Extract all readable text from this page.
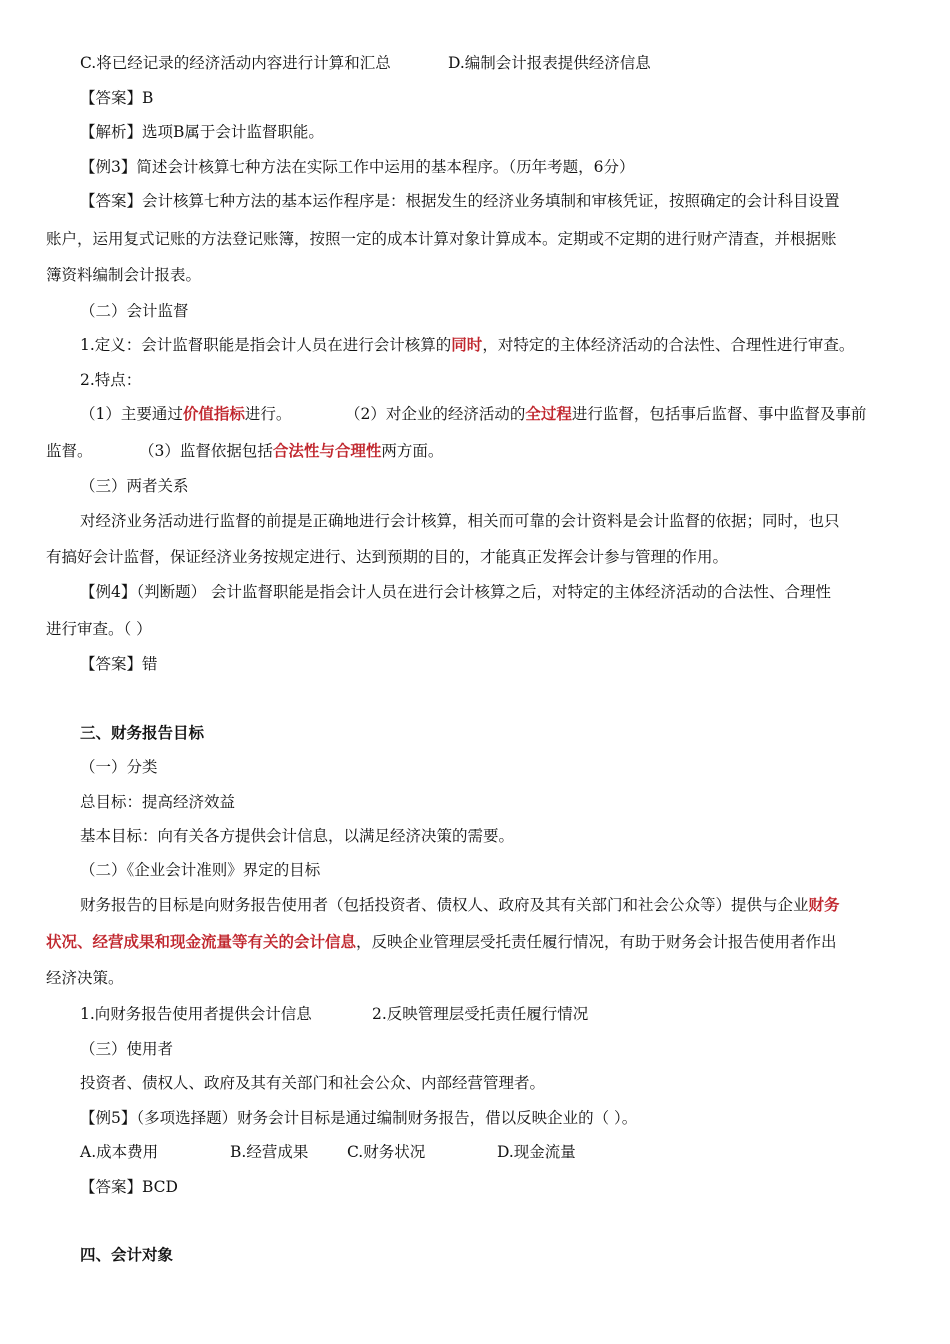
C.将已经记录的经济活动内容进行计算和汇总	D.编制会计报表提供经济信息
【答案】B
【解析】选项B属于会计监督职能。
【例3】简述会计核算七种方法在实际工作中运用的基本程序。（历年考题，6分）
【答案】会计核算七种方法的基本运作程序是：根据发生的经济业务填制和审核凭证，按照确定的会计科目设置
账户，运用复式记账的方法登记账簿，按照一定的成本计算对象计算成本。定期或不定期的进行财产清查，并根据账
簿资料编制会计报表。
（二）会计监督
1.定义：会计监督职能是指会计人员在进行会计核算的同时，对特定的主体经济活动的合法性、合理性进行审查。
2.特点：
（1）主要通过价值指标进行。	（2）对企业的经济活动的全过程进行监督，包括事后监督、事中监督及事前
监督。	（3）监督依据包括合法性与合理性两方面。
（三）两者关系
对经济业务活动进行监督的前提是正确地进行会计核算，相关而可靠的会计资料是会计监督的依据；同时，也只
有搞好会计监督，保证经济业务按规定进行、达到预期的目的，才能真正发挥会计参与管理的作用。
【例4】（判断题） 会计监督职能是指会计人员在进行会计核算之后，对特定的主体经济活动的合法性、合理性
进行审查。（ ）
【答案】错
三、财务报告目标
（一）分类
总目标：提高经济效益
基本目标：向有关各方提供会计信息，以满足经济决策的需要。
（二）《企业会计准则》界定的目标
财务报告的目标是向财务报告使用者（包括投资者、债权人、政府及其有关部门和社会公众等）提供与企业财务
状况、经营成果和现金流量等有关的会计信息，反映企业管理层受托责任履行情况，有助于财务会计报告使用者作出
经济决策。
1.向财务报告使用者提供会计信息	2.反映管理层受托责任履行情况
（三）使用者
投资者、债权人、政府及其有关部门和社会公众、内部经营管理者。
【例5】（多项选择题）财务会计目标是通过编制财务报告，借以反映企业的（ ）。
A.成本费用	B.经营成果 C.财务状况	D.现金流量
【答案】BCD
四、会计对象
